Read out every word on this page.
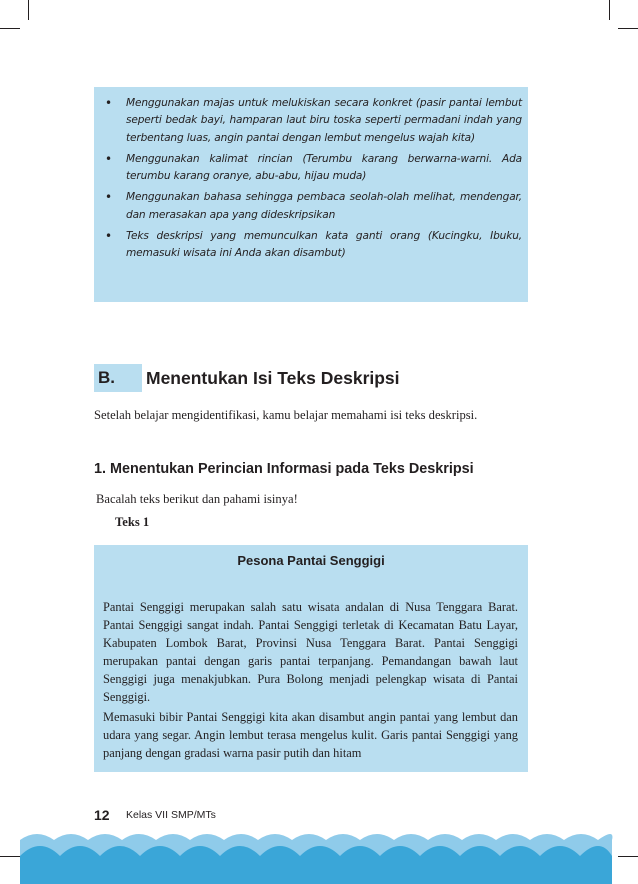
• Menggunakan majas untuk melukiskan secara konkret (pasir pantai lembut seperti bedak bayi, hamparan laut biru toska seperti permadani indah yang terbentang luas, angin pantai dengan lembut mengelus wajah kita)
• Menggunakan kalimat rincian (Terumbu karang berwarna-warni. Ada terumbu karang oranye, abu-abu, hijau muda)
• Menggunakan bahasa sehingga pembaca seolah-olah melihat, mendengar, dan merasakan apa yang dideskripsikan
• Teks deskripsi yang memunculkan kata ganti orang (Kucingku, Ibuku, memasuki wisata ini Anda akan disambut)
B.	Menentukan Isi Teks Deskripsi
Setelah belajar mengidentifikasi, kamu belajar memahami isi teks deskripsi.
1. Menentukan Perincian Informasi pada Teks Deskripsi
Bacalah teks berikut dan pahami isinya!
Teks 1
Pesona Pantai Senggigi

Pantai Senggigi merupakan salah satu wisata andalan di Nusa Tenggara Barat. Pantai Senggigi sangat indah. Pantai Senggigi terletak di Kecamatan Batu Layar, Kabupaten Lombok Barat, Provinsi Nusa Tenggara Barat. Pantai Senggigi merupakan pantai dengan garis pantai terpanjang. Pemandangan bawah laut Senggigi juga menakjubkan. Pura Bolong menjadi pelengkap wisata di Pantai Senggigi.

Memasuki bibir Pantai Senggigi kita akan disambut angin pantai yang lembut dan udara yang segar. Angin lembut terasa mengelus kulit. Garis pantai Senggigi yang panjang dengan gradasi warna pasir putih dan hitam

12 Kelas VII SMP/MTs
